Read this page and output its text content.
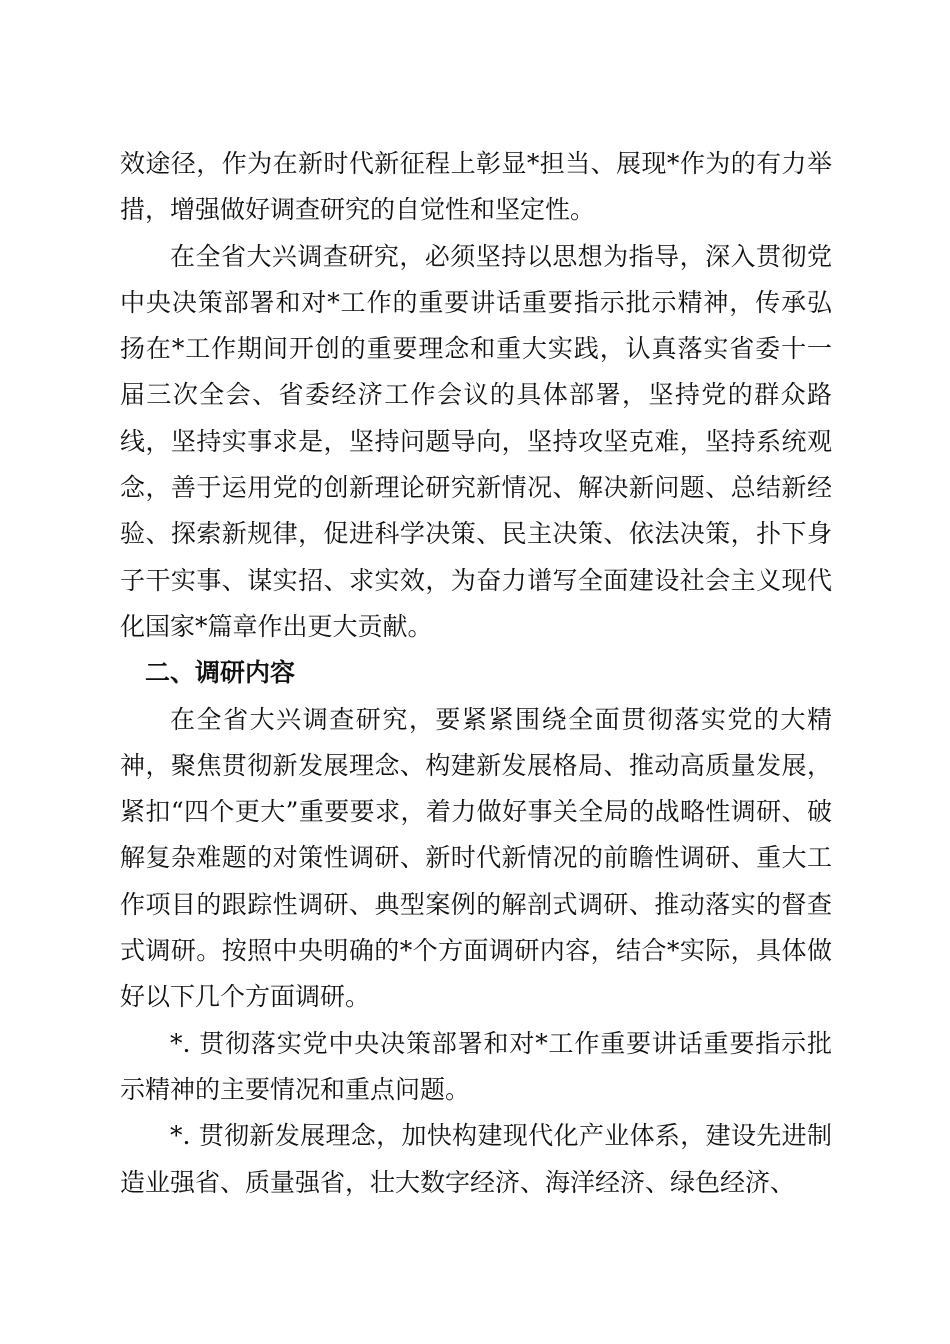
效途径，作为在新时代新征程上彰显*担当、展现*作为的有力举措，增强做好调查研究的自觉性和坚定性。

在全省大兴调查研究，必须坚持以思想为指导，深入贯彻党中央决策部署和对*工作的重要讲话重要指示批示精神，传承弘扬在*工作期间开创的重要理念和重大实践，认真落实省委十一届三次全会、省委经济工作会议的具体部署，坚持党的群众路线，坚持实事求是，坚持问题导向，坚持攻坚克难，坚持系统观念，善于运用党的创新理论研究新情况、解决新问题、总结新经验、探索新规律，促进科学决策、民主决策、依法决策，扑下身子干实事、谋实招、求实效，为奋力谱写全面建设社会主义现代化国家*篇章作出更大贡献。

二、调研内容

在全省大兴调查研究，要紧紧围绕全面贯彻落实党的大精神，聚焦贯彻新发展理念、构建新发展格局、推动高质量发展，紧扣“四个更大”重要要求，着力做好事关全局的战略性调研、破解复杂难题的对策性调研、新时代新情况的前瞻性调研、重大工作项目的跟踪性调研、典型案例的解剖式调研、推动落实的督查式调研。按照中央明确的*个方面调研内容，结合*实际，具体做好以下几个方面调研。

*. 贯彻落实党中央决策部署和对*工作重要讲话重要指示批示精神的主要情况和重点问题。

*. 贯彻新发展理念，加快构建现代化产业体系，建设先进制造业强省、质量强省，壮大数字经济、海洋经济、绿色经济、
